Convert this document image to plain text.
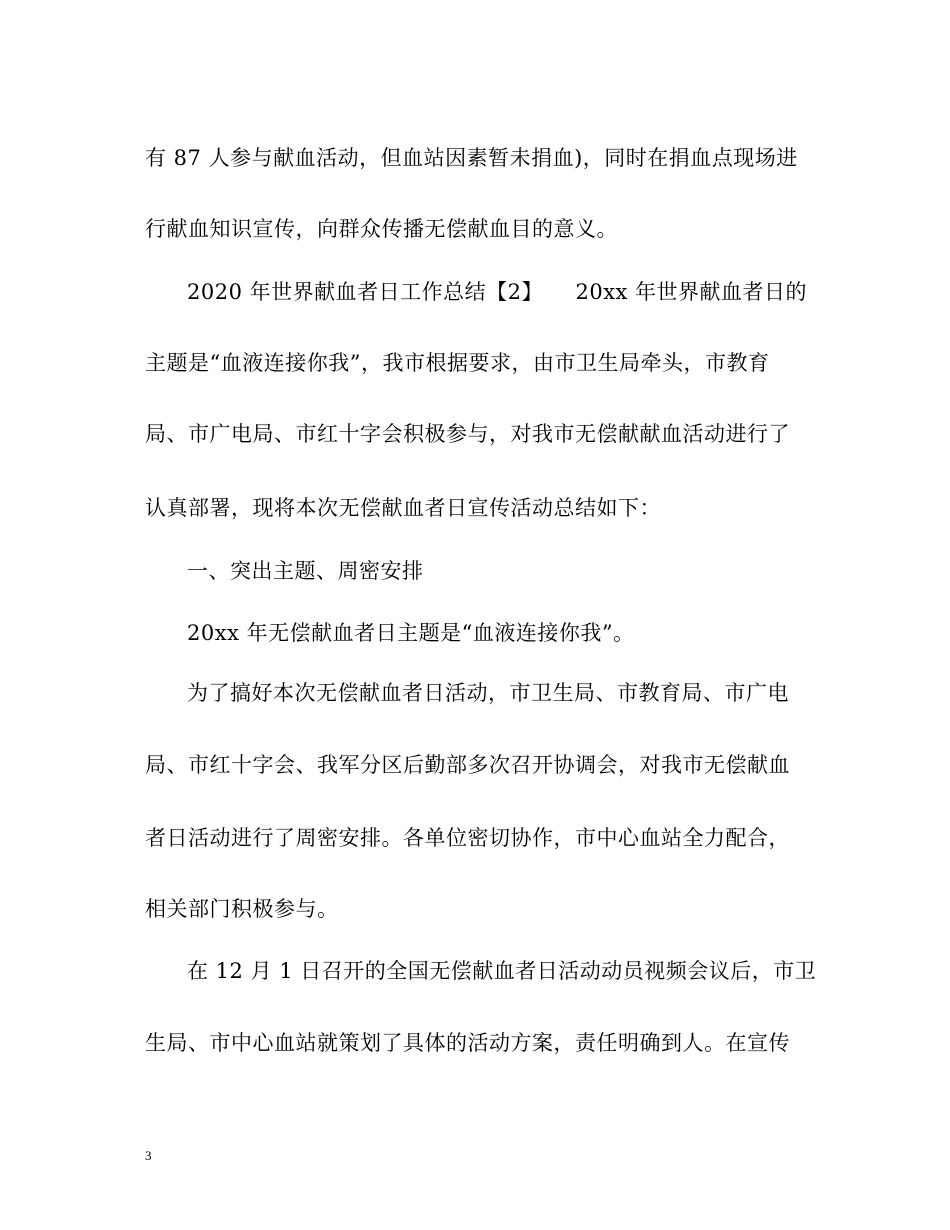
有 87 人参与献血活动，但血站因素暂未捐血)，同时在捐血点现场进
行献血知识宣传，向群众传播无偿献血目的意义。
2020 年世界献血者日工作总结【2】　　20xx 年世界献血者日的
主题是“血液连接你我”，我市根据要求，由市卫生局牵头，市教育
局、市广电局、市红十字会积极参与，对我市无偿献献血活动进行了
认真部署，现将本次无偿献血者日宣传活动总结如下：
一、突出主题、周密安排
20xx 年无偿献血者日主题是“血液连接你我”。
为了搞好本次无偿献血者日活动，市卫生局、市教育局、市广电
局、市红十字会、我军分区后勤部多次召开协调会，对我市无偿献血
者日活动进行了周密安排。各单位密切协作，市中心血站全力配合，
相关部门积极参与。
在 12 月 1 日召开的全国无偿献血者日活动动员视频会议后，市卫
生局、市中心血站就策划了具体的活动方案，责任明确到人。在宣传
3
